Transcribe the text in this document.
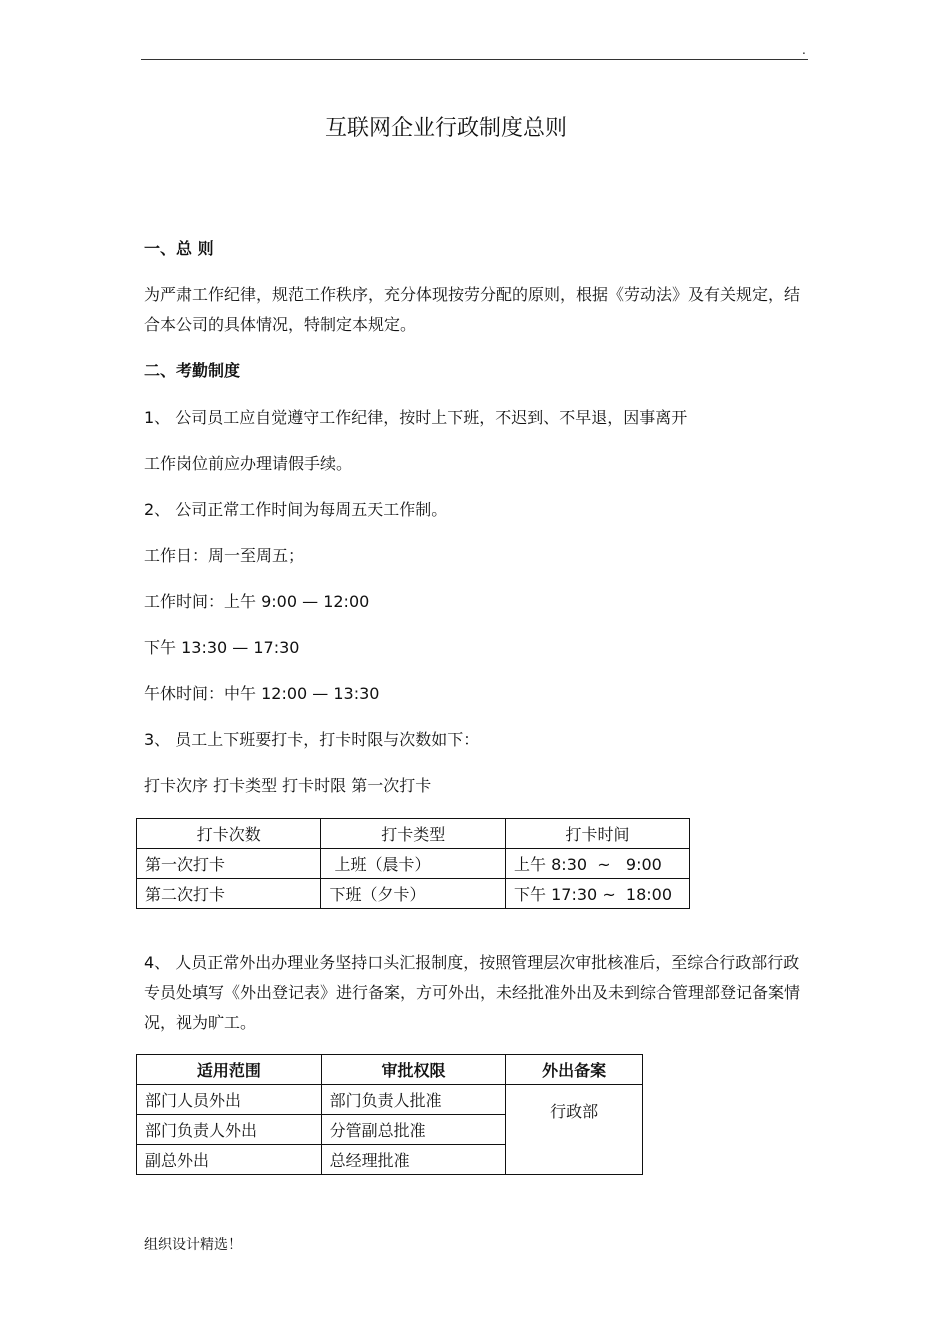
.
互联网企业行政制度总则
一、总 则
为严肃工作纪律，规范工作秩序，充分体现按劳分配的原则，根据《劳动法》及有关规定，结合本公司的具体情况，特制定本规定。
二、考勤制度
1、 公司员工应自觉遵守工作纪律，按时上下班，不迟到、不早退，因事离开
工作岗位前应办理请假手续。
2、 公司正常工作时间为每周五天工作制。
工作日：周一至周五；
工作时间：上午 9:00 — 12:00
下午 13:30 — 17:30
午休时间：中午 12:00 — 13:30
3、 员工上下班要打卡，打卡时限与次数如下：
打卡次序 打卡类型 打卡时限 第一次打卡
打卡次数	打卡类型	打卡时间
第一次打卡	上班（晨卡）	上午 8:30  ~   9:00
第二次打卡	下班（夕卡）	下午 17:30 ~  18:00
4、 人员正常外出办理业务坚持口头汇报制度，按照管理层次审批核准后，至综合行政部行政专员处填写《外出登记表》进行备案，方可外出，未经批准外出及未到综合管理部登记备案情况，视为旷工。
适用范围	审批权限	外出备案
部门人员外出	部门负责人批准	行政部
部门负责人外出	分管副总批准	
副总外出	总经理批准	
组织设计精选！
